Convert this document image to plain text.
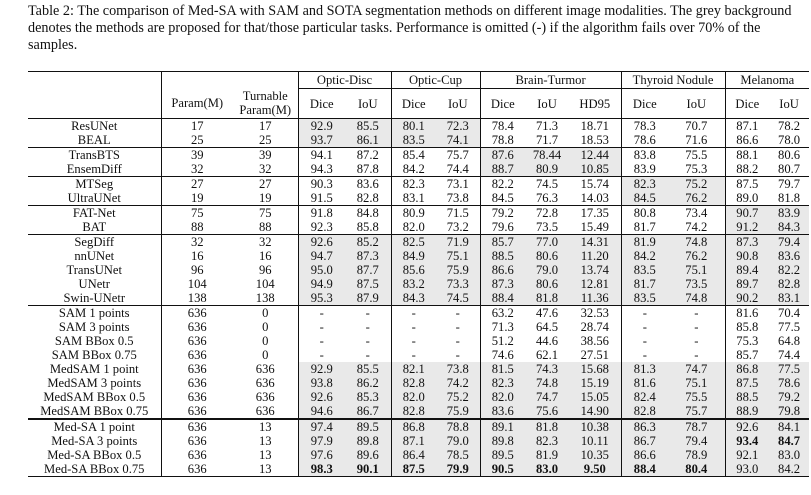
Table 2: The comparison of Med-SA with SAM and SOTA segmentation methods on different image modalities. The grey background denotes the methods are proposed for that/those particular tasks. Performance is omitted (-) if the algorithm fails over 70% of the samples.
			Optic-Disc		Optic-Cup		Brain-Turmor			Thyroid Nodule		Melanoma	
	Param(M)	Turnable Param(M)	Dice	IoU	Dice	IoU	Dice	IoU	HD95	Dice	IoU	Dice	IoU
ResUNet	17	17	92.9	85.5	80.1	72.3	78.4	71.3	18.71	78.3	70.7	87.1	78.2
BEAL	25	25	93.7	86.1	83.5	74.1	78.8	71.7	18.53	78.6	71.6	86.6	78.0
TransBTS	39	39	94.1	87.2	85.4	75.7	87.6	78.44	12.44	83.8	75.5	88.1	80.6
EnsemDiff	32	32	94.3	87.8	84.2	74.4	88.7	80.9	10.85	83.9	75.3	88.2	80.7
MTSeg	27	27	90.3	83.6	82.3	73.1	82.2	74.5	15.74	82.3	75.2	87.5	79.7
UltraUNet	19	19	91.5	82.8	83.1	73.8	84.5	76.3	14.03	84.5	76.2	89.0	81.8
FAT-Net	75	75	91.8	84.8	80.9	71.5	79.2	72.8	17.35	80.8	73.4	90.7	83.9
BAT	88	88	92.3	85.8	82.0	73.2	79.6	73.5	15.49	81.7	74.2	91.2	84.3
SegDiff	32	32	92.6	85.2	82.5	71.9	85.7	77.0	14.31	81.9	74.8	87.3	79.4
nnUNet	16	16	94.7	87.3	84.9	75.1	88.5	80.6	11.20	84.2	76.2	90.8	83.6
TransUNet	96	96	95.0	87.7	85.6	75.9	86.6	79.0	13.74	83.5	75.1	89.4	82.2
UNetr	104	104	94.9	87.5	83.2	73.3	87.3	80.6	12.81	81.7	73.5	89.7	82.8
Swin-UNetr	138	138	95.3	87.9	84.3	74.5	88.4	81.8	11.36	83.5	74.8	90.2	83.1
SAM 1 points	636	0	-	-	-	-	63.2	47.6	32.53	-	-	81.6	70.4
SAM 3 points	636	0	-	-	-	-	71.3	64.5	28.74	-	-	85.8	77.5
SAM BBox 0.5	636	0	-	-	-	-	51.2	44.6	38.56	-	-	75.3	64.8
SAM BBox 0.75	636	0	-	-	-	-	74.6	62.1	27.51	-	-	85.7	74.4
MedSAM 1 point	636	636	92.9	85.5	82.1	73.8	81.5	74.3	15.68	81.3	74.7	86.8	77.5
MedSAM 3 points	636	636	93.8	86.2	82.8	74.2	82.3	74.8	15.19	81.6	75.1	87.5	78.6
MedSAM BBox 0.5	636	636	92.6	85.3	82.0	75.2	82.0	74.7	15.05	82.4	75.5	88.5	79.2
MedSAM BBox 0.75	636	636	94.6	86.7	82.8	75.9	83.6	75.6	14.90	82.8	75.7	88.9	79.8
Med-SA 1 point	636	13	97.4	89.5	86.8	78.8	89.1	81.8	10.38	86.3	78.7	92.6	84.1
Med-SA 3 points	636	13	97.9	89.8	87.1	79.0	89.8	82.3	10.11	86.7	79.4	93.4	84.7
Med-SA BBox 0.5	636	13	97.6	89.6	86.4	78.5	89.5	81.9	10.35	86.6	78.9	92.1	83.0
Med-SA BBox 0.75	636	13	98.3	90.1	87.5	79.9	90.5	83.0	9.50	88.4	80.4	93.0	84.2
